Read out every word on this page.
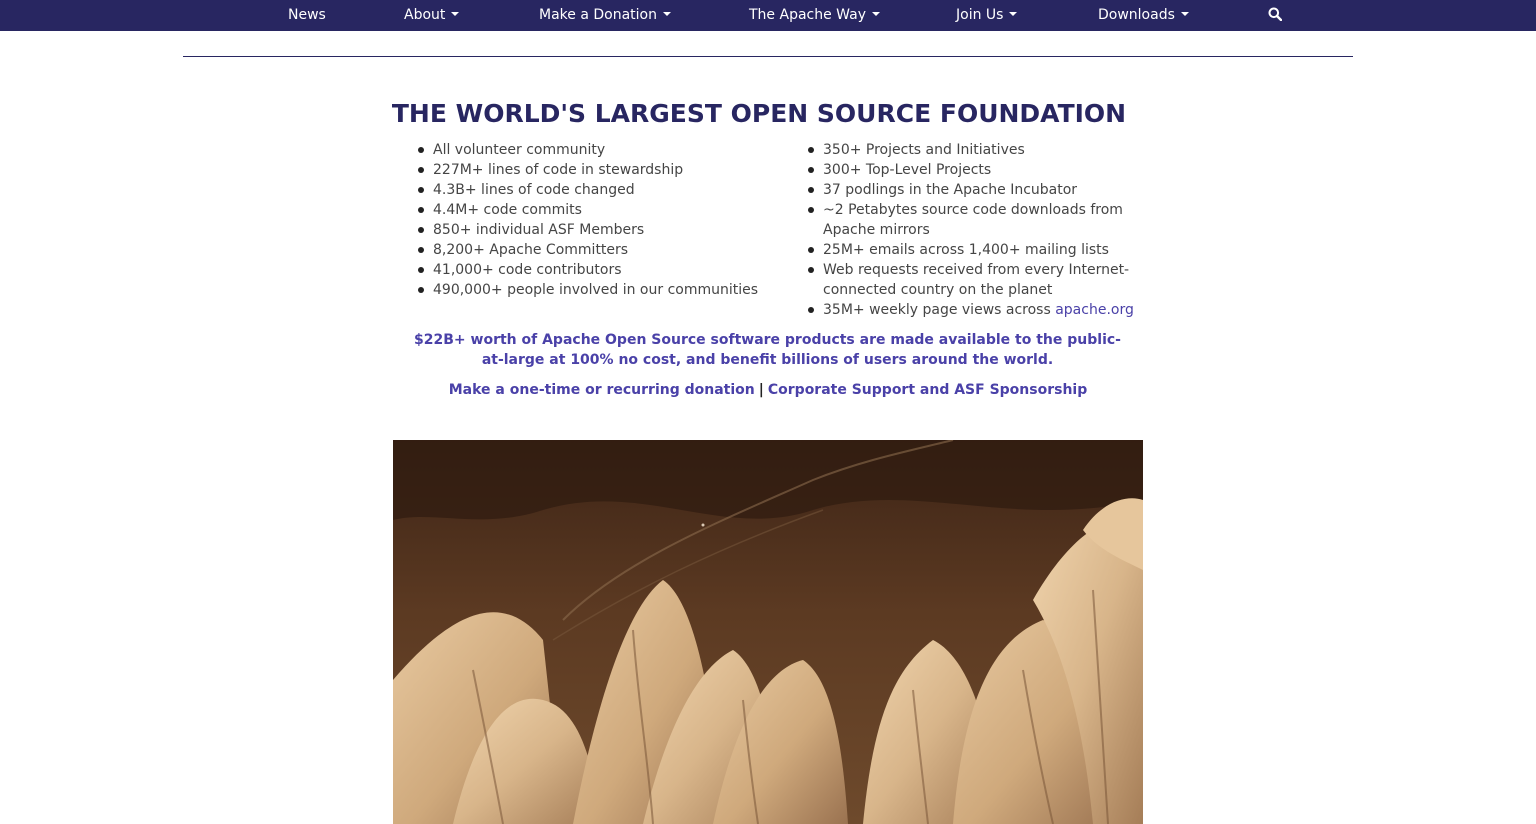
News	About	Make a Donation	The Apache Way	Join Us	Downloads
THE WORLD'S LARGEST OPEN SOURCE FOUNDATION
All volunteer community
227M+ lines of code in stewardship
4.3B+ lines of code changed
4.4M+ code commits
850+ individual ASF Members
8,200+ Apache Committers
41,000+ code contributors
490,000+ people involved in our communities
350+ Projects and Initiatives
300+ Top-Level Projects
37 podlings in the Apache Incubator
~2 Petabytes source code downloads from Apache mirrors
25M+ emails across 1,400+ mailing lists
Web requests received from every Internet-connected country on the planet
35M+ weekly page views across apache.org

$22B+ worth of Apache Open Source software products are made available to the public-at-large at 100% no cost, and benefit billions of users around the world.

Make a one-time or recurring donation | Corporate Support and ASF Sponsorship
